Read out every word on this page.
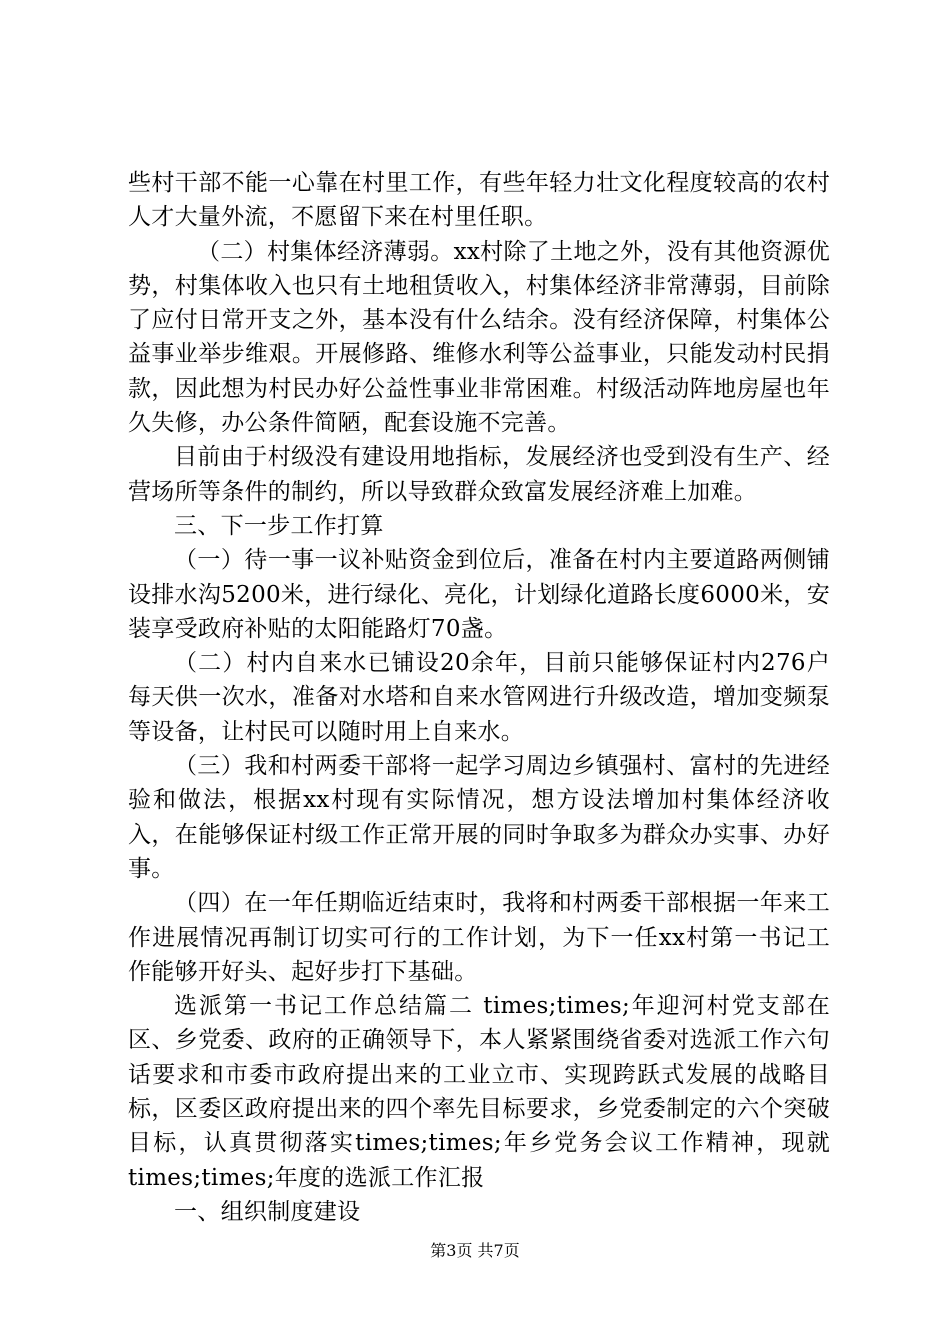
些村干部不能一心靠在村里工作，有些年轻力壮文化程度较高的农村人才大量外流，不愿留下来在村里任职。

（二）村集体经济薄弱。xx村除了土地之外，没有其他资源优势，村集体收入也只有土地租赁收入，村集体经济非常薄弱，目前除了应付日常开支之外，基本没有什么结余。没有经济保障，村集体公益事业举步维艰。开展修路、维修水利等公益事业，只能发动村民捐款，因此想为村民办好公益性事业非常困难。村级活动阵地房屋也年久失修，办公条件简陋，配套设施不完善。

目前由于村级没有建设用地指标，发展经济也受到没有生产、经营场所等条件的制约，所以导致群众致富发展经济难上加难。

三、下一步工作打算

（一）待一事一议补贴资金到位后，准备在村内主要道路两侧铺设排水沟5200米，进行绿化、亮化，计划绿化道路长度6000米，安装享受政府补贴的太阳能路灯70盏。

（二）村内自来水已铺设20余年，目前只能够保证村内276户每天供一次水，准备对水塔和自来水管网进行升级改造，增加变频泵等设备，让村民可以随时用上自来水。

（三）我和村两委干部将一起学习周边乡镇强村、富村的先进经验和做法，根据xx村现有实际情况，想方设法增加村集体经济收入，在能够保证村级工作正常开展的同时争取多为群众办实事、办好事。

（四）在一年任期临近结束时，我将和村两委干部根据一年来工作进展情况再制订切实可行的工作计划，为下一任xx村第一书记工作能够开好头、起好步打下基础。

选派第一书记工作总结篇二 times;times;年迎河村党支部在区、乡党委、政府的正确领导下，本人紧紧围绕省委对选派工作六句话要求和市委市政府提出来的工业立市、实现跨跃式发展的战略目标，区委区政府提出来的四个率先目标要求，乡党委制定的六个突破目标，认真贯彻落实times;times;年乡党务会议工作精神，现就times;times;年度的选派工作汇报

一、组织制度建设

第3页 共7页
